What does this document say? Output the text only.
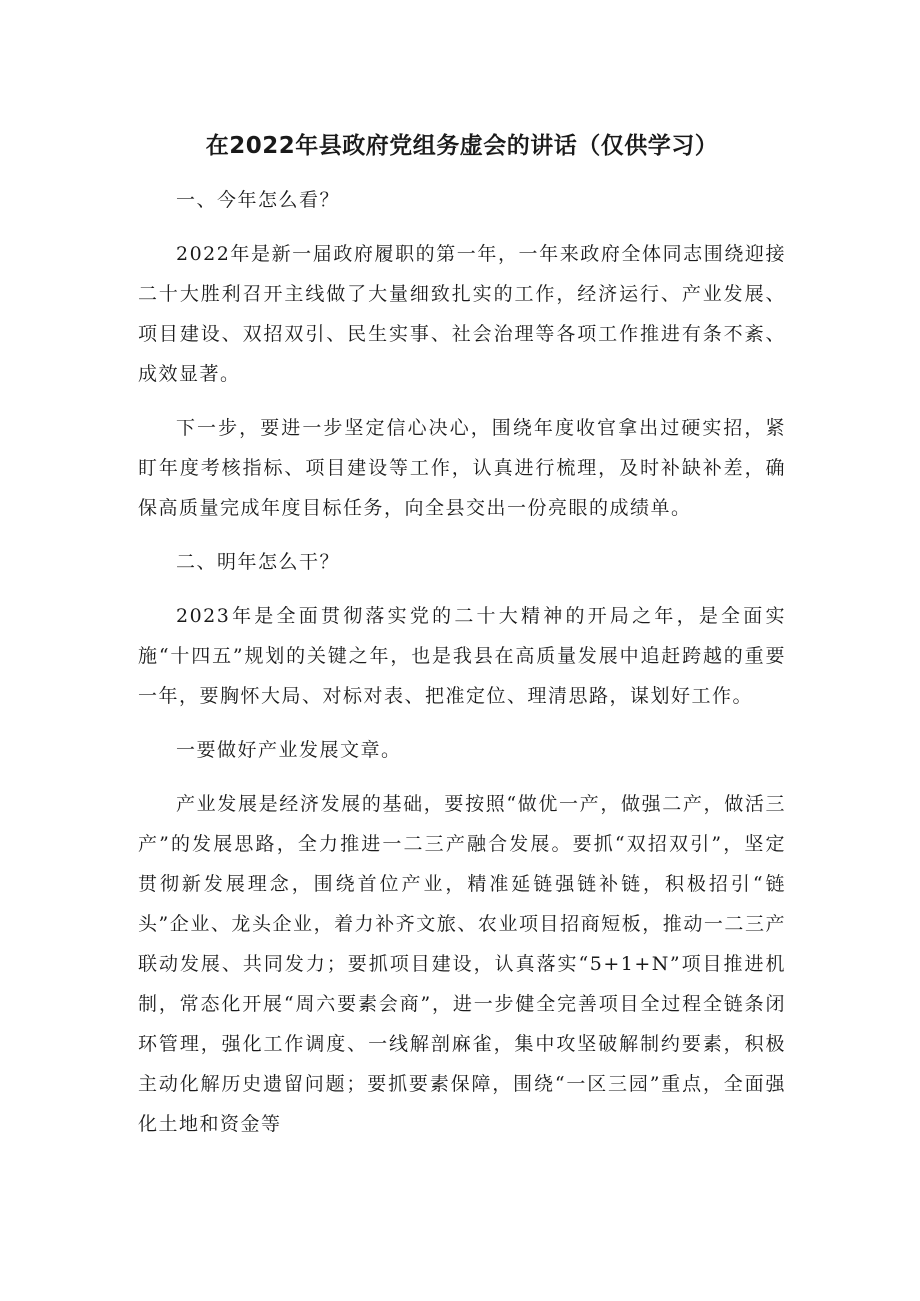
在2022年县政府党组务虚会的讲话（仅供学习）

一、今年怎么看？

2022年是新一届政府履职的第一年，一年来政府全体同志围绕迎接二十大胜利召开主线做了大量细致扎实的工作，经济运行、产业发展、项目建设、双招双引、民生实事、社会治理等各项工作推进有条不紊、成效显著。

下一步，要进一步坚定信心决心，围绕年度收官拿出过硬实招，紧盯年度考核指标、项目建设等工作，认真进行梳理，及时补缺补差，确保高质量完成年度目标任务，向全县交出一份亮眼的成绩单。

二、明年怎么干？

2023年是全面贯彻落实党的二十大精神的开局之年，是全面实施“十四五”规划的关键之年，也是我县在高质量发展中追赶跨越的重要一年，要胸怀大局、对标对表、把准定位、理清思路，谋划好工作。

一要做好产业发展文章。

产业发展是经济发展的基础，要按照“做优一产，做强二产，做活三产”的发展思路，全力推进一二三产融合发展。要抓“双招双引”，坚定贯彻新发展理念，围绕首位产业，精准延链强链补链，积极招引“链头”企业、龙头企业，着力补齐文旅、农业项目招商短板，推动一二三产联动发展、共同发力；要抓项目建设，认真落实“5+1+N”项目推进机制，常态化开展“周六要素会商”，进一步健全完善项目全过程全链条闭环管理，强化工作调度、一线解剖麻雀，集中攻坚破解制约要素，积极主动化解历史遗留问题；要抓要素保障，围绕“一区三园”重点，全面强化土地和资金等
